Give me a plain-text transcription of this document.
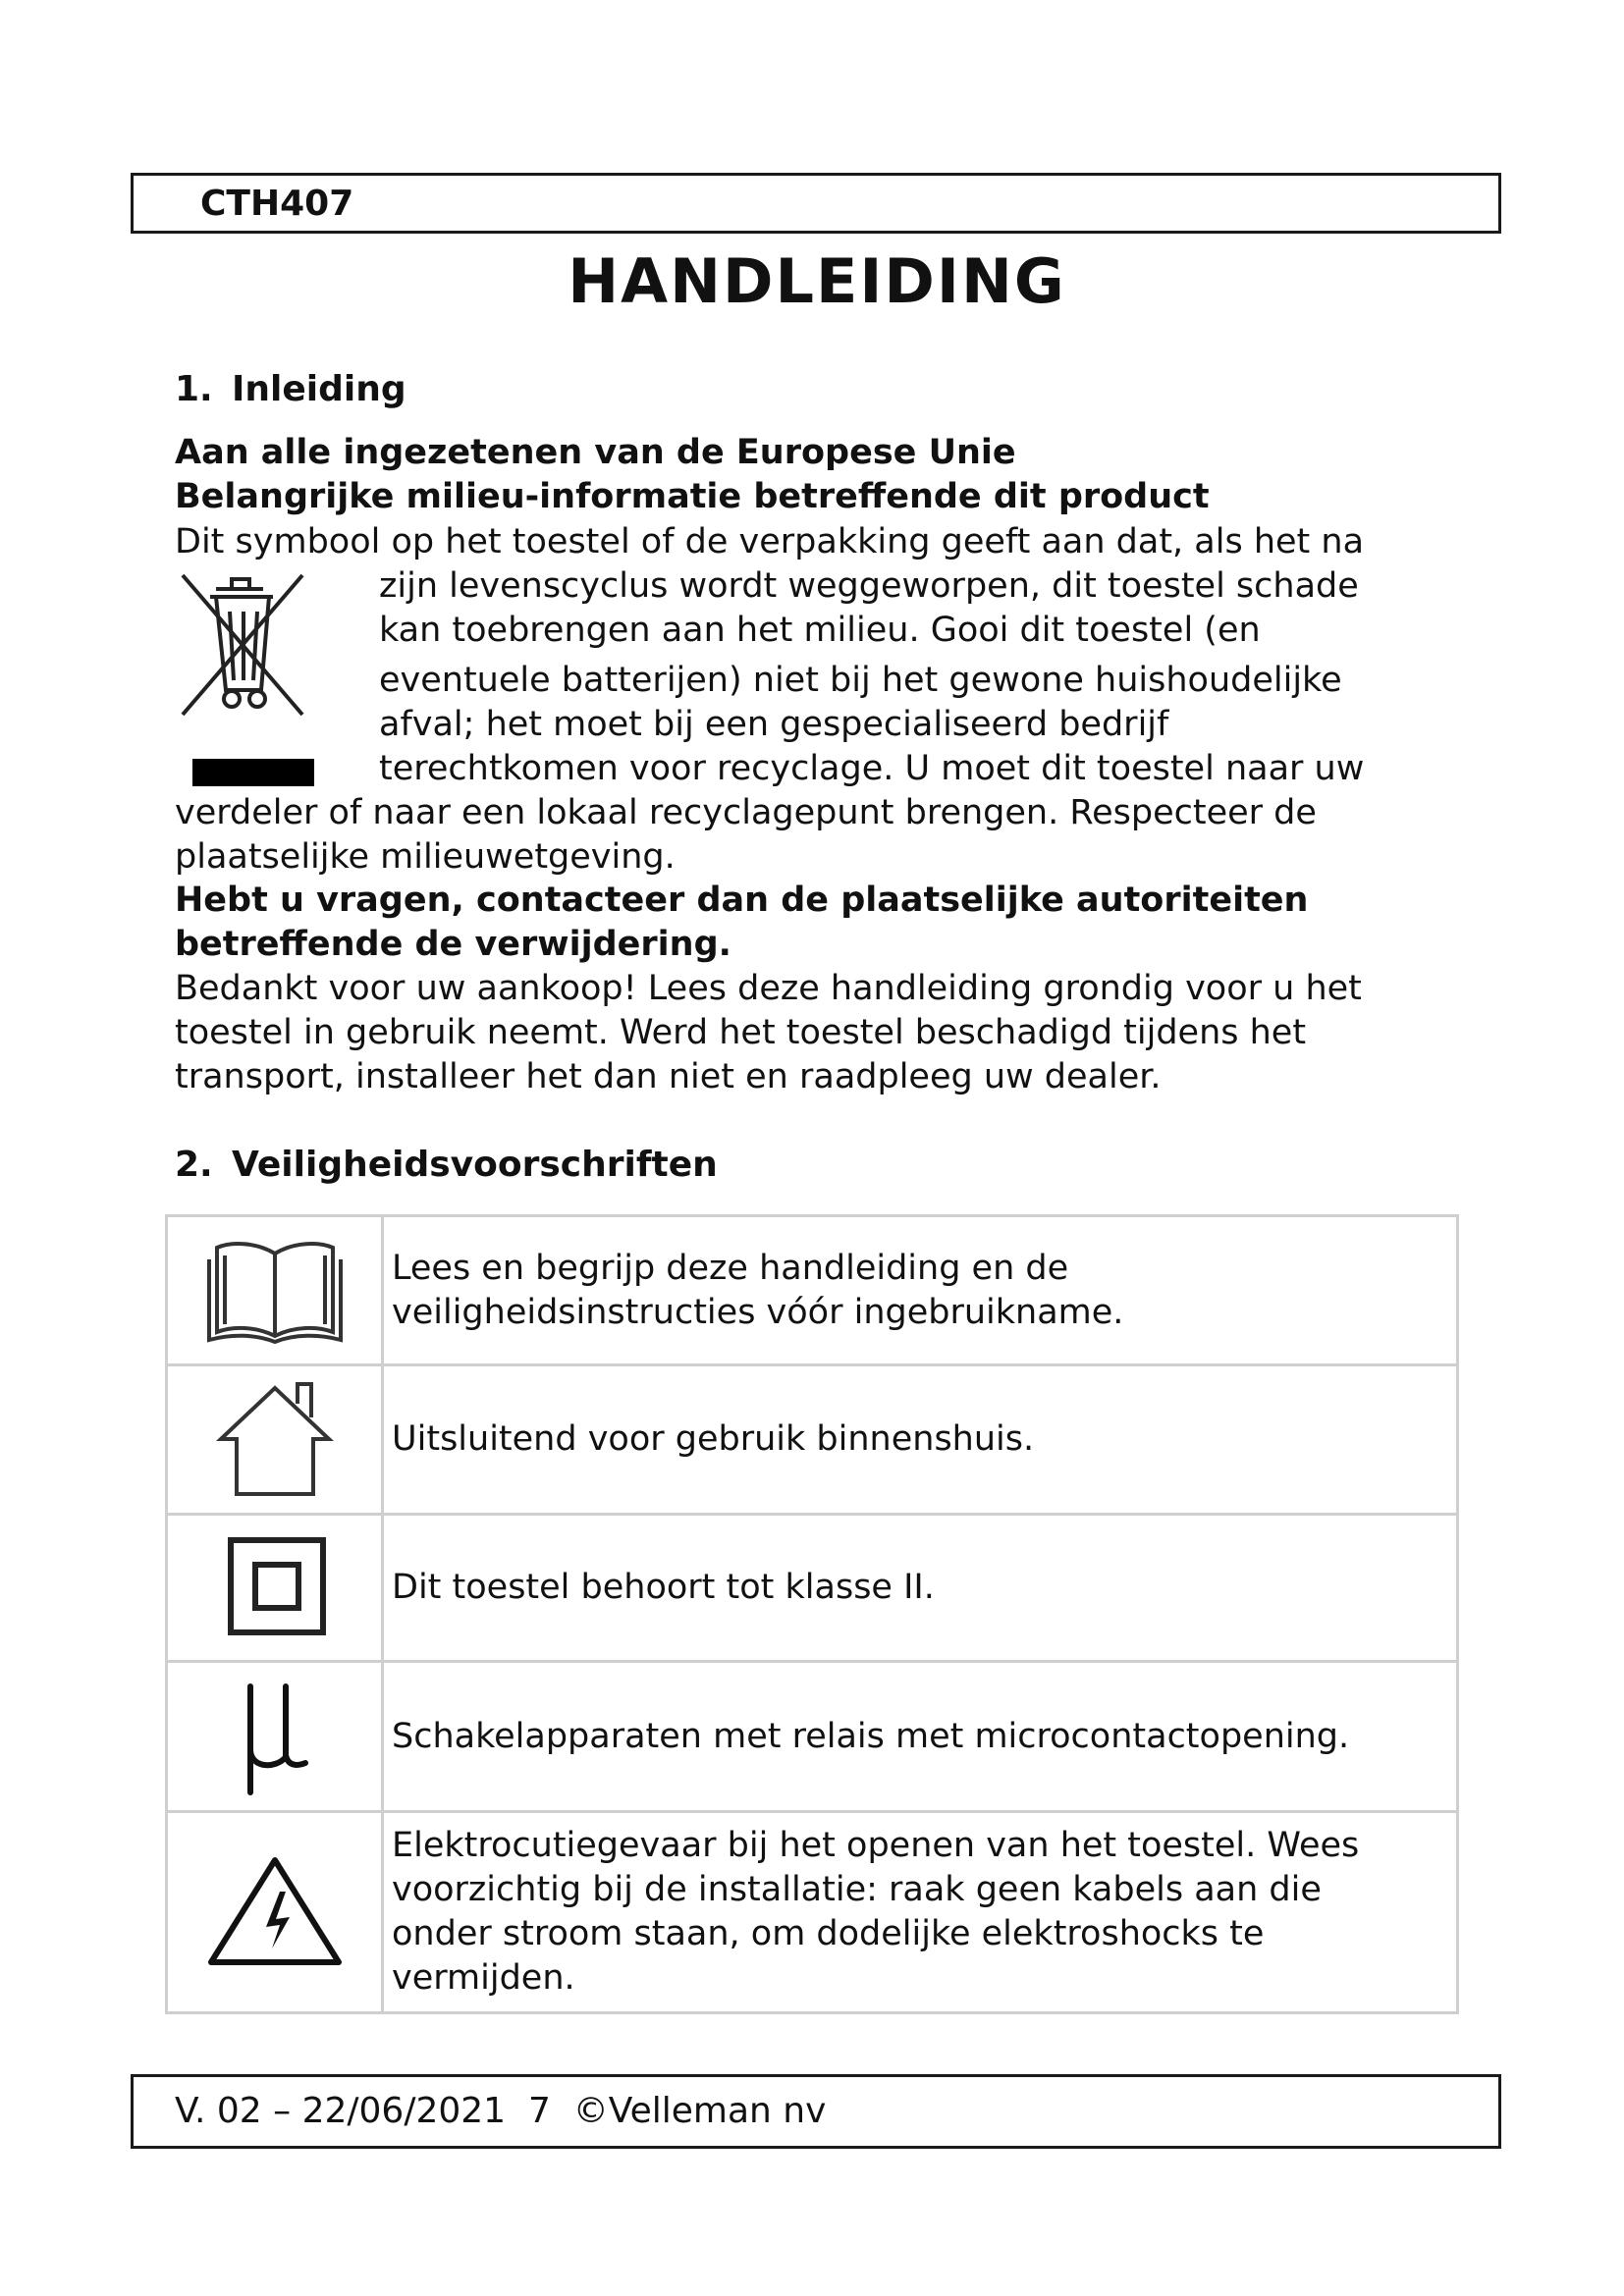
CTH407
HANDLEIDING
1. Inleiding
Aan alle ingezetenen van de Europese Unie
Belangrijke milieu-informatie betreffende dit product
Dit symbool op het toestel of de verpakking geeft aan dat, als het na
zijn levenscyclus wordt weggeworpen, dit toestel schade
kan toebrengen aan het milieu. Gooi dit toestel (en
eventuele batterijen) niet bij het gewone huishoudelijke
afval; het moet bij een gespecialiseerd bedrijf
terechtkomen voor recyclage. U moet dit toestel naar uw
verdeler of naar een lokaal recyclagepunt brengen. Respecteer de
plaatselijke milieuwetgeving.
Hebt u vragen, contacteer dan de plaatselijke autoriteiten
betreffende de verwijdering.
Bedankt voor uw aankoop! Lees deze handleiding grondig voor u het
toestel in gebruik neemt. Werd het toestel beschadigd tijdens het
transport, installeer het dan niet en raadpleeg uw dealer.
2. Veiligheidsvoorschriften

Lees en begrijp deze handleiding en de
veiligheidsinstructies vóór ingebruikname.

Uitsluitend voor gebruik binnenshuis.

Dit toestel behoort tot klasse II.

Schakelapparaten met relais met microcontactopening.

Elektrocutiegevaar bij het openen van het toestel. Wees
voorzichtig bij de installatie: raak geen kabels aan die
onder stroom staan, om dodelijke elektroshocks te
vermijden.
V. 02 – 22/06/2021  7  ©Velleman nv
